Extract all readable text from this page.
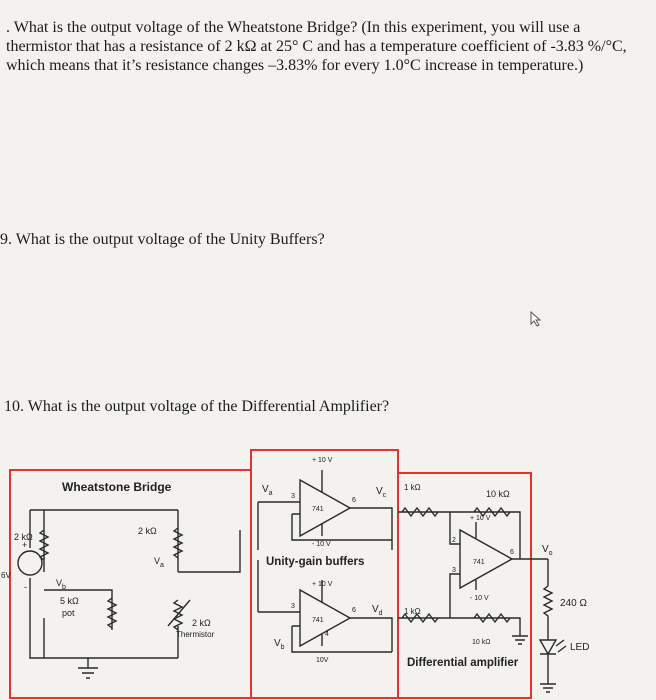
. What is the output voltage of the Wheatstone Bridge? (In this experiment, you will use a thermistor that has a resistance of 2 kΩ at 25° C and has a temperature coefficient of -3.83 %/°C, which means that it’s resistance changes –3.83% for every 1.0°C increase in temperature.)

9. What is the output voltage of the Unity Buffers?

10. What is the output voltage of the Differential Amplifier?

Wheatstone Bridge
2 kΩ
2 kΩ
+
6V
-	$V_b$
$V_a$
5 kΩ
pot
2 kΩ
Thermistor
+ 10 V
$V_a$	3
741
6
- 10 V
$V_c$
Unity-gain buffers
+ 10 V
3
741
6
4
$V_d$
$V_b$
10V
1 kΩ
10 kΩ
+ 10 V
2
741
6
3
- 10 V
1 kΩ
10 kΩ
Differential amplifier
$V_o$
240 Ω
LED
